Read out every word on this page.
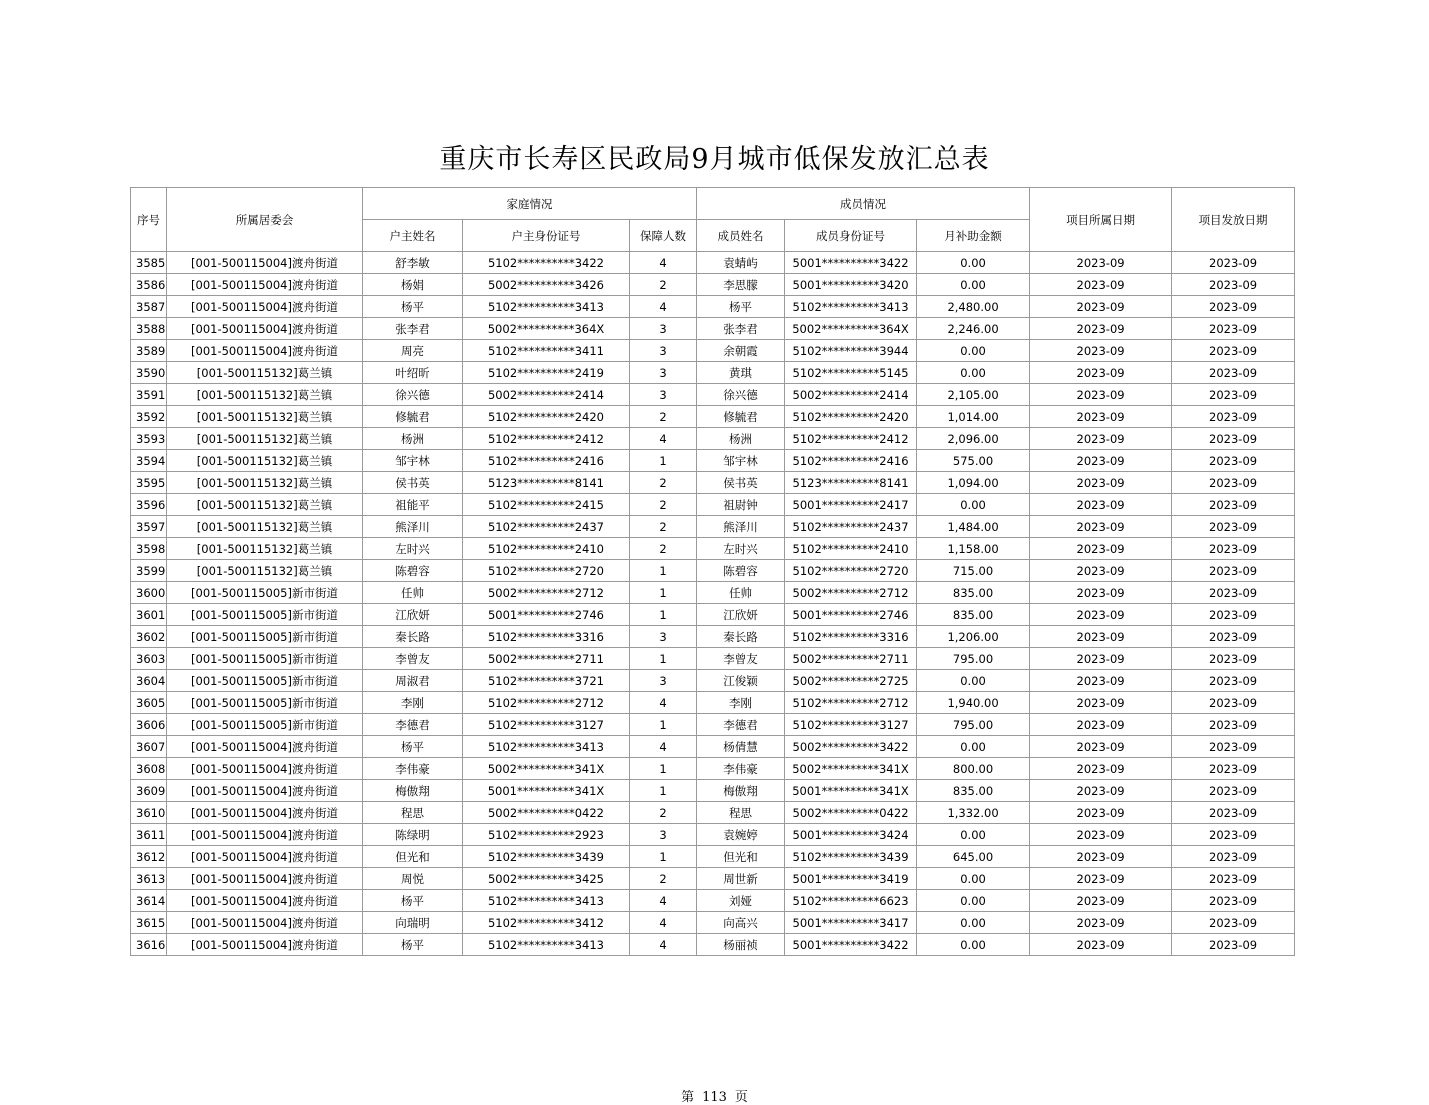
重庆市长寿区民政局9月城市低保发放汇总表
序号	所属居委会	家庭情况			成员情况			项目所属日期	项目发放日期
		户主姓名	户主身份证号	保障人数	成员姓名	成员身份证号	月补助金额		
3585	[001-500115004]渡舟街道	舒李敏	5102**********3422	4	袁蜻屿	5001**********3422	0.00	2023-09	2023-09
3586	[001-500115004]渡舟街道	杨娟	5002**********3426	2	李思朦	5001**********3420	0.00	2023-09	2023-09
3587	[001-500115004]渡舟街道	杨平	5102**********3413	4	杨平	5102**********3413	2,480.00	2023-09	2023-09
3588	[001-500115004]渡舟街道	张李君	5002**********364X	3	张李君	5002**********364X	2,246.00	2023-09	2023-09
3589	[001-500115004]渡舟街道	周亮	5102**********3411	3	余朝霞	5102**********3944	0.00	2023-09	2023-09
3590	[001-500115132]葛兰镇	叶绍昕	5102**********2419	3	黄琪	5102**********5145	0.00	2023-09	2023-09
3591	[001-500115132]葛兰镇	徐兴德	5002**********2414	3	徐兴德	5002**********2414	2,105.00	2023-09	2023-09
3592	[001-500115132]葛兰镇	修毓君	5102**********2420	2	修毓君	5102**********2420	1,014.00	2023-09	2023-09
3593	[001-500115132]葛兰镇	杨洲	5102**********2412	4	杨洲	5102**********2412	2,096.00	2023-09	2023-09
3594	[001-500115132]葛兰镇	邹宇林	5102**********2416	1	邹宇林	5102**********2416	575.00	2023-09	2023-09
3595	[001-500115132]葛兰镇	侯书英	5123**********8141	2	侯书英	5123**********8141	1,094.00	2023-09	2023-09
3596	[001-500115132]葛兰镇	祖能平	5102**********2415	2	祖尉钟	5001**********2417	0.00	2023-09	2023-09
3597	[001-500115132]葛兰镇	熊泽川	5102**********2437	2	熊泽川	5102**********2437	1,484.00	2023-09	2023-09
3598	[001-500115132]葛兰镇	左时兴	5102**********2410	2	左时兴	5102**********2410	1,158.00	2023-09	2023-09
3599	[001-500115132]葛兰镇	陈碧容	5102**********2720	1	陈碧容	5102**********2720	715.00	2023-09	2023-09
3600	[001-500115005]新市街道	任帅	5002**********2712	1	任帅	5002**********2712	835.00	2023-09	2023-09
3601	[001-500115005]新市街道	江欣妍	5001**********2746	1	江欣妍	5001**********2746	835.00	2023-09	2023-09
3602	[001-500115005]新市街道	秦长路	5102**********3316	3	秦长路	5102**********3316	1,206.00	2023-09	2023-09
3603	[001-500115005]新市街道	李曾友	5002**********2711	1	李曾友	5002**********2711	795.00	2023-09	2023-09
3604	[001-500115005]新市街道	周淑君	5102**********3721	3	江俊颖	5002**********2725	0.00	2023-09	2023-09
3605	[001-500115005]新市街道	李刚	5102**********2712	4	李刚	5102**********2712	1,940.00	2023-09	2023-09
3606	[001-500115005]新市街道	李德君	5102**********3127	1	李德君	5102**********3127	795.00	2023-09	2023-09
3607	[001-500115004]渡舟街道	杨平	5102**********3413	4	杨倩慧	5002**********3422	0.00	2023-09	2023-09
3608	[001-500115004]渡舟街道	李伟豪	5002**********341X	1	李伟豪	5002**********341X	800.00	2023-09	2023-09
3609	[001-500115004]渡舟街道	梅傲翔	5001**********341X	1	梅傲翔	5001**********341X	835.00	2023-09	2023-09
3610	[001-500115004]渡舟街道	程思	5002**********0422	2	程思	5002**********0422	1,332.00	2023-09	2023-09
3611	[001-500115004]渡舟街道	陈绿明	5102**********2923	3	袁婉婷	5001**********3424	0.00	2023-09	2023-09
3612	[001-500115004]渡舟街道	但光和	5102**********3439	1	但光和	5102**********3439	645.00	2023-09	2023-09
3613	[001-500115004]渡舟街道	周悦	5002**********3425	2	周世新	5001**********3419	0.00	2023-09	2023-09
3614	[001-500115004]渡舟街道	杨平	5102**********3413	4	刘娅	5102**********6623	0.00	2023-09	2023-09
3615	[001-500115004]渡舟街道	向瑞明	5102**********3412	4	向高兴	5001**********3417	0.00	2023-09	2023-09
3616	[001-500115004]渡舟街道	杨平	5102**********3413	4	杨丽祯	5001**********3422	0.00	2023-09	2023-09
第 113 页
